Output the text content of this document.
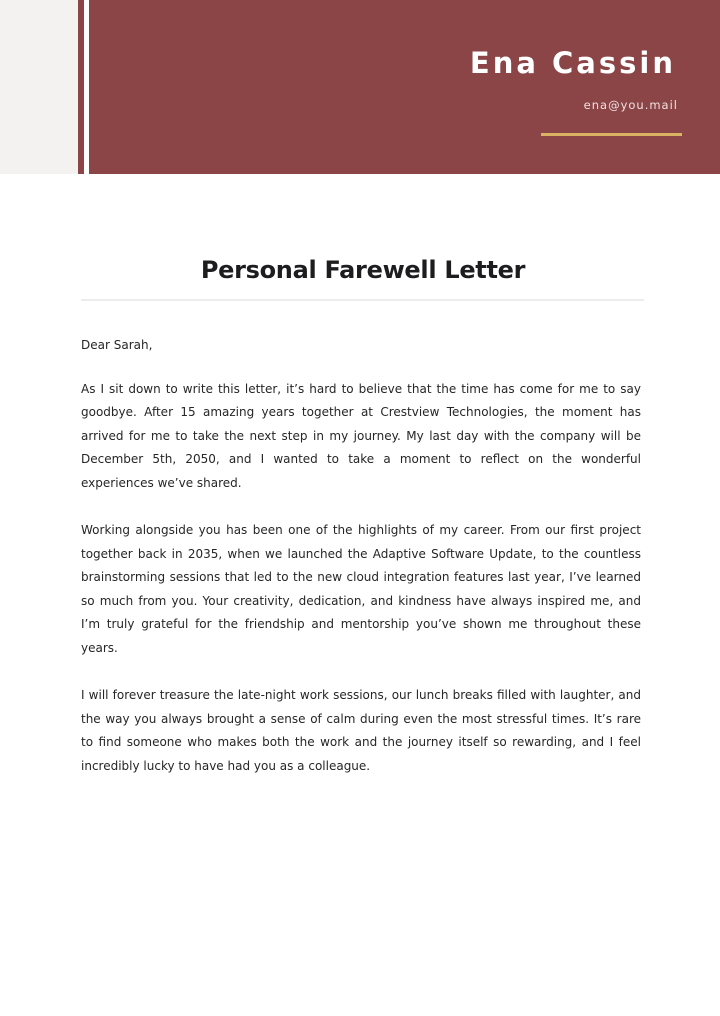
Ena Cassin
ena@you.mail
Personal Farewell Letter

Dear Sarah,

As I sit down to write this letter, it’s hard to believe that the time has come for me to say goodbye. After 15 amazing years together at Crestview Technologies, the moment has arrived for me to take the next step in my journey. My last day with the company will be December 5th, 2050, and I wanted to take a moment to reflect on the wonderful experiences we’ve shared.

Working alongside you has been one of the highlights of my career. From our first project together back in 2035, when we launched the Adaptive Software Update, to the countless brainstorming sessions that led to the new cloud integration features last year, I’ve learned so much from you. Your creativity, dedication, and kindness have always inspired me, and I’m truly grateful for the friendship and mentorship you’ve shown me throughout these years.

I will forever treasure the late-night work sessions, our lunch breaks filled with laughter, and the way you always brought a sense of calm during even the most stressful times. It’s rare to find someone who makes both the work and the journey itself so rewarding, and I feel incredibly lucky to have had you as a colleague.
